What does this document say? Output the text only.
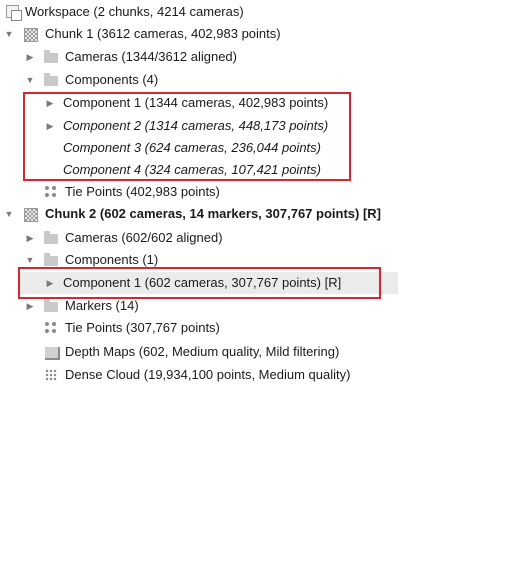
Workspace (2 chunks, 4214 cameras)
▼ Chunk 1 (3612 cameras, 402,983 points)
▶ Cameras (1344/3612 aligned)
▼ Components (4)
▶ Component 1 (1344 cameras, 402,983 points)
▶ Component 2 (1314 cameras, 448,173 points)
Component 3 (624 cameras, 236,044 points)
Component 4 (324 cameras, 107,421 points)
Tie Points (402,983 points)
▼ Chunk 2 (602 cameras, 14 markers, 307,767 points) [R]
▶ Cameras (602/602 aligned)
▼ Components (1)
▶ Component 1 (602 cameras, 307,767 points) [R]
▶ Markers (14)
Tie Points (307,767 points)
Depth Maps (602, Medium quality, Mild filtering)
Dense Cloud (19,934,100 points, Medium quality)
